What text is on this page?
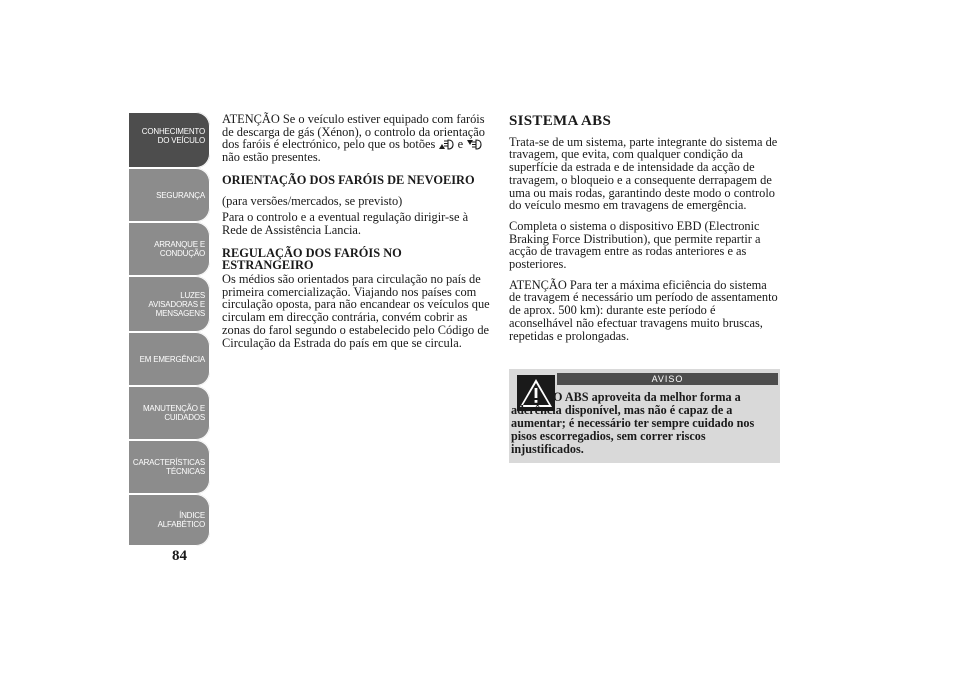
CONHECIMENTO
DO VEÍCULO
SEGURANÇA
ARRANQUE E
CONDUÇÃO
LUZES
AVISADORAS E
MENSAGENS
EM EMERGÊNCIA
MANUTENÇÃO E
CUIDADOS
CARACTERÍSTICAS
TÉCNICAS
ÍNDICE
ALFABÉTICO
84

ATENÇÃO Se o veículo estiver equipado com faróis de descarga de gás (Xénon), o controlo da orientação dos faróis é electrónico, pelo que os botões e  não estão presentes.

ORIENTAÇÃO DOS FARÓIS DE NEVOEIRO

(para versões/mercados, se previsto)

Para o controlo e a eventual regulação dirigir-se à Rede de Assistência Lancia.

REGULAÇÃO DOS FARÓIS NO ESTRANGEIRO

Os médios são orientados para circulação no país de primeira comercialização. Viajando nos países com circulação oposta, para não encandear os veículos que circulam em direcção contrária, convém cobrir as zonas do farol segundo o estabelecido pelo Código de Circulação da Estrada do país em que se circula.

SISTEMA ABS

Trata-se de um sistema, parte integrante do sistema de travagem, que evita, com qualquer condição da superfície da estrada e de intensidade da acção de travagem, o bloqueio e a consequente derrapagem de uma ou mais rodas, garantindo deste modo o controlo do veículo mesmo em travagens de emergência.

Completa o sistema o dispositivo EBD (Electronic Braking Force Distribution), que permite repartir a acção de travagem entre as rodas anteriores e as posteriores.

ATENÇÃO Para ter a máxima eficiência do sistema de travagem é necessário um período de assentamento de aprox. 500 km): durante este período é aconselhável não efectuar travagens muito bruscas, repetidas e prolongadas.

AVISO
O ABS aproveita da melhor forma a aderência disponível, mas não é capaz de a aumentar; é necessário ter sempre cuidado nos pisos escorregadios, sem correr riscos injustificados.
